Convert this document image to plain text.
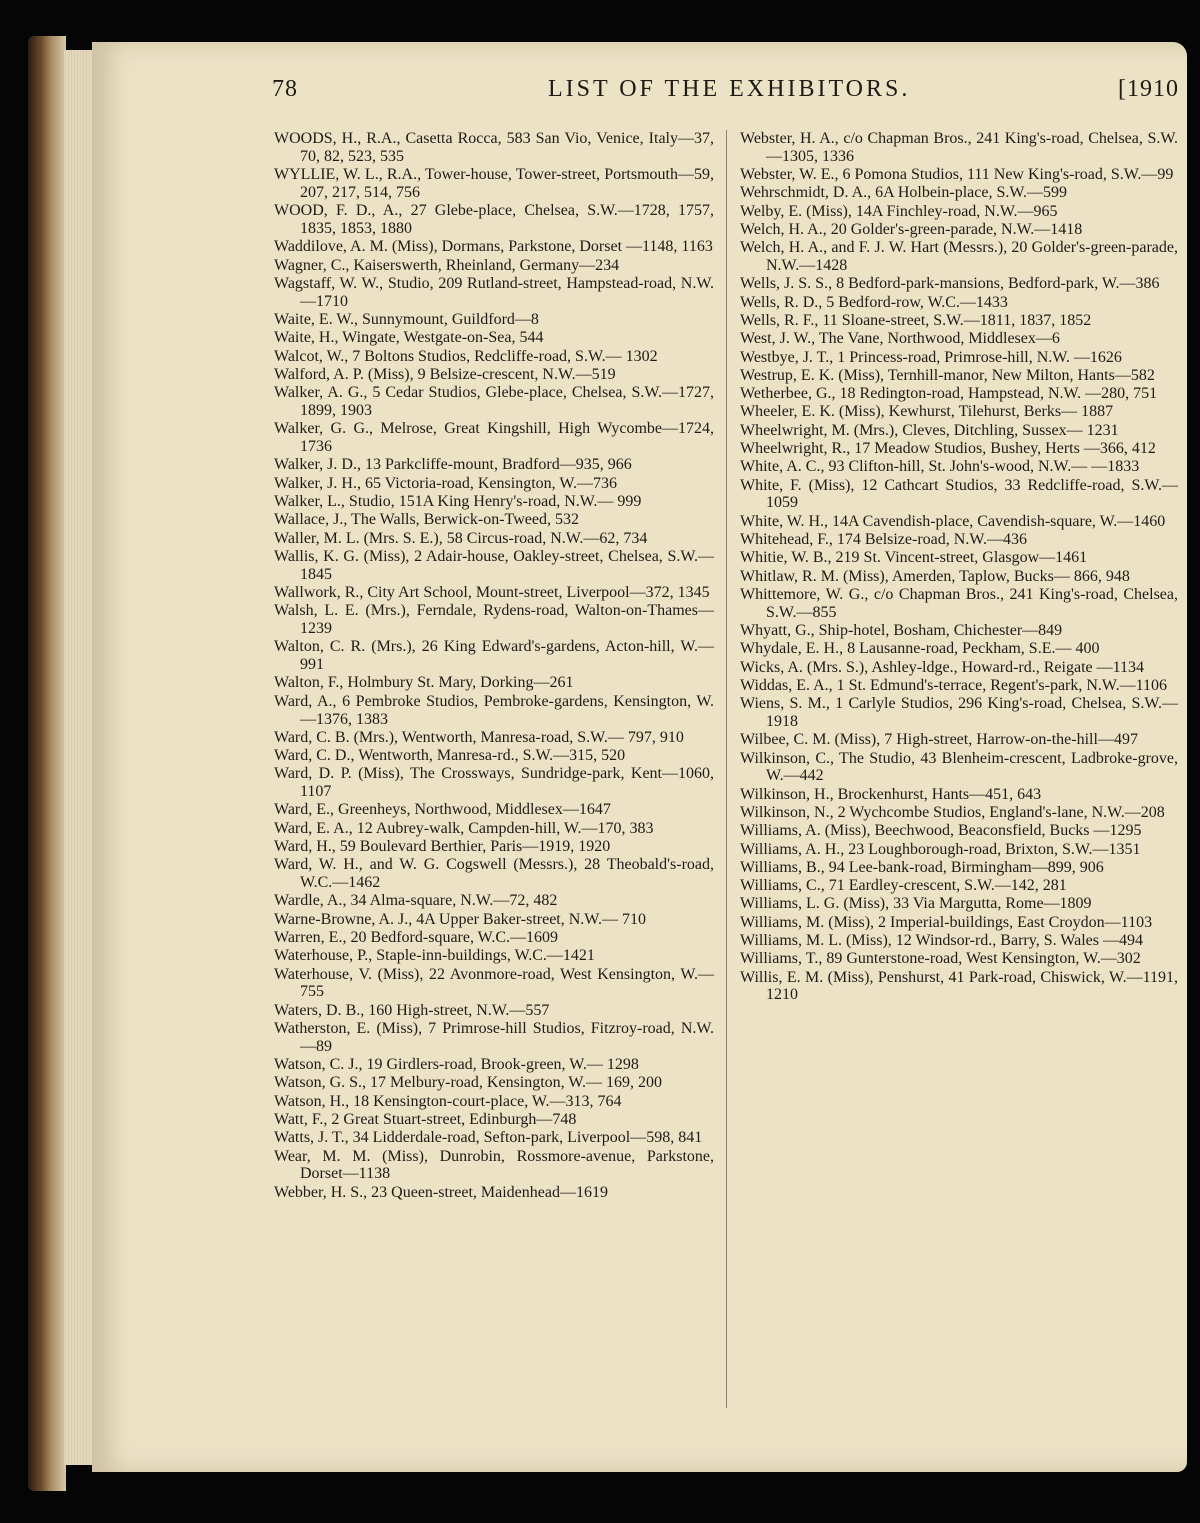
78	LIST OF THE EXHIBITORS.	[1910
WOODS, H., R.A., Casetta Rocca, 583 San Vio, Venice, Italy—37, 70, 82, 523, 535
WYLLIE, W. L., R.A., Tower-house, Tower-street, Portsmouth—59, 207, 217, 514, 756
WOOD, F. D., A., 27 Glebe-place, Chelsea, S.W.—1728, 1757, 1835, 1853, 1880
Waddilove, A. M. (Miss), Dormans, Parkstone, Dorset —1148, 1163
Wagner, C., Kaiserswerth, Rheinland, Germany—234
Wagstaff, W. W., Studio, 209 Rutland-street, Hampstead-road, N.W.—1710
Waite, E. W., Sunnymount, Guildford—8
Waite, H., Wingate, Westgate-on-Sea, 544
Walcot, W., 7 Boltons Studios, Redcliffe-road, S.W.— 1302
Walford, A. P. (Miss), 9 Belsize-crescent, N.W.—519
Walker, A. G., 5 Cedar Studios, Glebe-place, Chelsea, S.W.—1727, 1899, 1903
Walker, G. G., Melrose, Great Kingshill, High Wycombe—1724, 1736
Walker, J. D., 13 Parkcliffe-mount, Bradford—935, 966
Walker, J. H., 65 Victoria-road, Kensington, W.—736
Walker, L., Studio, 151A King Henry's-road, N.W.— 999
Wallace, J., The Walls, Berwick-on-Tweed, 532
Waller, M. L. (Mrs. S. E.), 58 Circus-road, N.W.—62, 734
Wallis, K. G. (Miss), 2 Adair-house, Oakley-street, Chelsea, S.W.—1845
Wallwork, R., City Art School, Mount-street, Liverpool—372, 1345
Walsh, L. E. (Mrs.), Ferndale, Rydens-road, Walton-on-Thames—1239
Walton, C. R. (Mrs.), 26 King Edward's-gardens, Acton-hill, W.—991
Walton, F., Holmbury St. Mary, Dorking—261
Ward, A., 6 Pembroke Studios, Pembroke-gardens, Kensington, W.—1376, 1383
Ward, C. B. (Mrs.), Wentworth, Manresa-road, S.W.— 797, 910
Ward, C. D., Wentworth, Manresa-rd., S.W.—315, 520
Ward, D. P. (Miss), The Crossways, Sundridge-park, Kent—1060, 1107
Ward, E., Greenheys, Northwood, Middlesex—1647
Ward, E. A., 12 Aubrey-walk, Campden-hill, W.—170, 383
Ward, H., 59 Boulevard Berthier, Paris—1919, 1920
Ward, W. H., and W. G. Cogswell (Messrs.), 28 Theobald's-road, W.C.—1462
Wardle, A., 34 Alma-square, N.W.—72, 482
Warne-Browne, A. J., 4A Upper Baker-street, N.W.— 710
Warren, E., 20 Bedford-square, W.C.—1609
Waterhouse, P., Staple-inn-buildings, W.C.—1421
Waterhouse, V. (Miss), 22 Avonmore-road, West Kensington, W.—755
Waters, D. B., 160 High-street, N.W.—557
Watherston, E. (Miss), 7 Primrose-hill Studios, Fitzroy-road, N.W.—89
Watson, C. J., 19 Girdlers-road, Brook-green, W.— 1298
Watson, G. S., 17 Melbury-road, Kensington, W.— 169, 200
Watson, H., 18 Kensington-court-place, W.—313, 764
Watt, F., 2 Great Stuart-street, Edinburgh—748
Watts, J. T., 34 Lidderdale-road, Sefton-park, Liverpool—598, 841
Wear, M. M. (Miss), Dunrobin, Rossmore-avenue, Parkstone, Dorset—1138
Webber, H. S., 23 Queen-street, Maidenhead—1619
Webster, H. A., c/o Chapman Bros., 241 King's-road, Chelsea, S.W.—1305, 1336
Webster, W. E., 6 Pomona Studios, 111 New King's-road, S.W.—99
Wehrschmidt, D. A., 6A Holbein-place, S.W.—599
Welby, E. (Miss), 14A Finchley-road, N.W.—965
Welch, H. A., 20 Golder's-green-parade, N.W.—1418
Welch, H. A., and F. J. W. Hart (Messrs.), 20 Golder's-green-parade, N.W.—1428
Wells, J. S. S., 8 Bedford-park-mansions, Bedford-park, W.—386
Wells, R. D., 5 Bedford-row, W.C.—1433
Wells, R. F., 11 Sloane-street, S.W.—1811, 1837, 1852
West, J. W., The Vane, Northwood, Middlesex—6
Westbye, J. T., 1 Princess-road, Primrose-hill, N.W. —1626
Westrup, E. K. (Miss), Ternhill-manor, New Milton, Hants—582
Wetherbee, G., 18 Redington-road, Hampstead, N.W. —280, 751
Wheeler, E. K. (Miss), Kewhurst, Tilehurst, Berks— 1887
Wheelwright, M. (Mrs.), Cleves, Ditchling, Sussex— 1231
Wheelwright, R., 17 Meadow Studios, Bushey, Herts —366, 412
White, A. C., 93 Clifton-hill, St. John's-wood, N.W.— —1833
White, F. (Miss), 12 Cathcart Studios, 33 Redcliffe-road, S.W.—1059
White, W. H., 14A Cavendish-place, Cavendish-square, W.—1460
Whitehead, F., 174 Belsize-road, N.W.—436
Whitie, W. B., 219 St. Vincent-street, Glasgow—1461
Whitlaw, R. M. (Miss), Amerden, Taplow, Bucks— 866, 948
Whittemore, W. G., c/o Chapman Bros., 241 King's-road, Chelsea, S.W.—855
Whyatt, G., Ship-hotel, Bosham, Chichester—849
Whydale, E. H., 8 Lausanne-road, Peckham, S.E.— 400
Wicks, A. (Mrs. S.), Ashley-ldge., Howard-rd., Reigate —1134
Widdas, E. A., 1 St. Edmund's-terrace, Regent's-park, N.W.—1106
Wiens, S. M., 1 Carlyle Studios, 296 King's-road, Chelsea, S.W.—1918
Wilbee, C. M. (Miss), 7 High-street, Harrow-on-the-hill—497
Wilkinson, C., The Studio, 43 Blenheim-crescent, Ladbroke-grove, W.—442
Wilkinson, H., Brockenhurst, Hants—451, 643
Wilkinson, N., 2 Wychcombe Studios, England's-lane, N.W.—208
Williams, A. (Miss), Beechwood, Beaconsfield, Bucks —1295
Williams, A. H., 23 Loughborough-road, Brixton, S.W.—1351
Williams, B., 94 Lee-bank-road, Birmingham—899, 906
Williams, C., 71 Eardley-crescent, S.W.—142, 281
Williams, L. G. (Miss), 33 Via Margutta, Rome—1809
Williams, M. (Miss), 2 Imperial-buildings, East Croydon—1103
Williams, M. L. (Miss), 12 Windsor-rd., Barry, S. Wales —494
Williams, T., 89 Gunterstone-road, West Kensington, W.—302
Willis, E. M. (Miss), Penshurst, 41 Park-road, Chiswick, W.—1191, 1210
